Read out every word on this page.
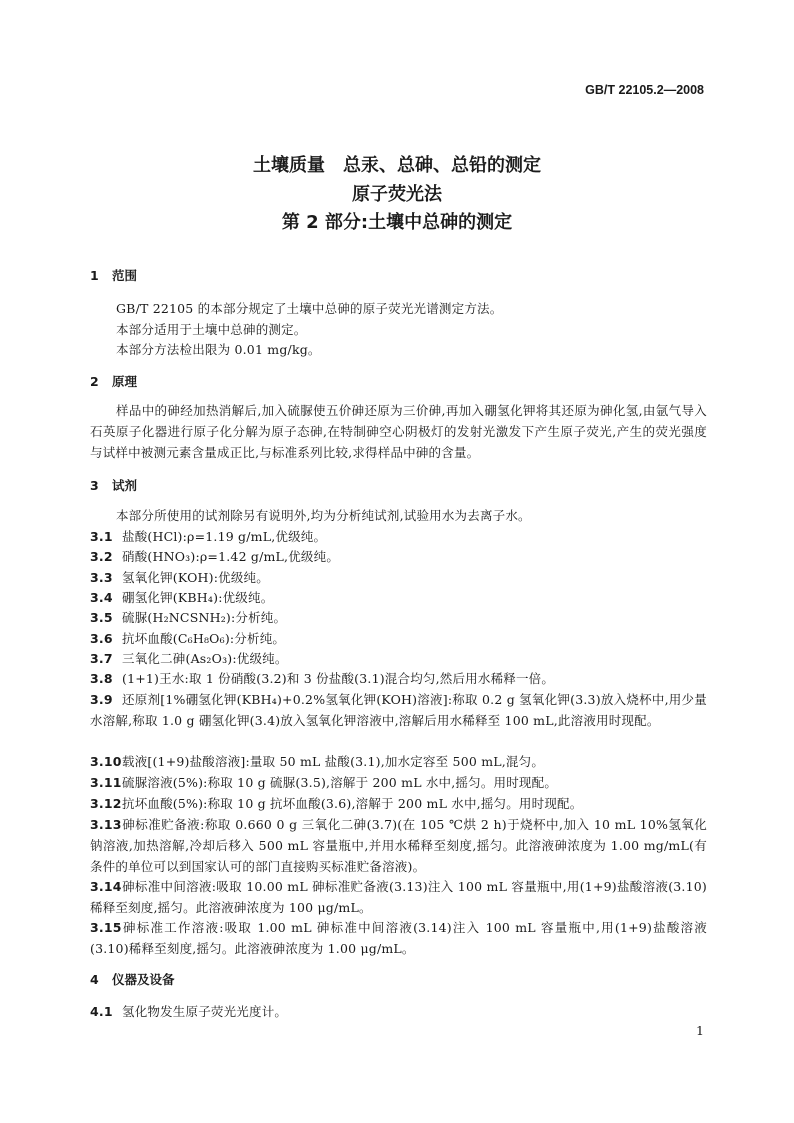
GB/T 22105.2—2008
土壤质量　总汞、总砷、总铅的测定
原子荧光法
第 2 部分:土壤中总砷的测定
1 范围
GB/T 22105 的本部分规定了土壤中总砷的原子荧光光谱测定方法。
本部分适用于土壤中总砷的测定。
本部分方法检出限为 0.01 mg/kg。
2 原理
样品中的砷经加热消解后,加入硫脲使五价砷还原为三价砷,再加入硼氢化钾将其还原为砷化氢,由氩气导入石英原子化器进行原子化分解为原子态砷,在特制砷空心阴极灯的发射光激发下产生原子荧光,产生的荧光强度与试样中被测元素含量成正比,与标准系列比较,求得样品中砷的含量。
3 试剂
本部分所使用的试剂除另有说明外,均为分析纯试剂,试验用水为去离子水。
3.1 盐酸(HCl):ρ=1.19 g/mL,优级纯。
3.2 硝酸(HNO₃):ρ=1.42 g/mL,优级纯。
3.3 氢氧化钾(KOH):优级纯。
3.4 硼氢化钾(KBH₄):优级纯。
3.5 硫脲(H₂NCSNH₂):分析纯。
3.6 抗坏血酸(C₆H₈O₆):分析纯。
3.7 三氧化二砷(As₂O₃):优级纯。
3.8 (1+1)王水:取 1 份硝酸(3.2)和 3 份盐酸(3.1)混合均匀,然后用水稀释一倍。
3.9 还原剂[1%硼氢化钾(KBH₄)+0.2%氢氧化钾(KOH)溶液]:称取 0.2 g 氢氧化钾(3.3)放入烧杯中,用少量水溶解,称取 1.0 g 硼氢化钾(3.4)放入氢氧化钾溶液中,溶解后用水稀释至 100 mL,此溶液用时现配。
3.10载液[(1+9)盐酸溶液]:量取 50 mL 盐酸(3.1),加水定容至 500 mL,混匀。
3.11硫脲溶液(5%):称取 10 g 硫脲(3.5),溶解于 200 mL 水中,摇匀。用时现配。
3.12抗坏血酸(5%):称取 10 g 抗坏血酸(3.6),溶解于 200 mL 水中,摇匀。用时现配。
3.13砷标准贮备液:称取 0.660 0 g 三氧化二砷(3.7)(在 105 ℃烘 2 h)于烧杯中,加入 10 mL 10%氢氧化钠溶液,加热溶解,冷却后移入 500 mL 容量瓶中,并用水稀释至刻度,摇匀。此溶液砷浓度为 1.00 mg/mL(有条件的单位可以到国家认可的部门直接购买标准贮备溶液)。
3.14砷标准中间溶液:吸取 10.00 mL 砷标准贮备液(3.13)注入 100 mL 容量瓶中,用(1+9)盐酸溶液(3.10)稀释至刻度,摇匀。此溶液砷浓度为 100 μg/mL。
3.15砷标准工作溶液:吸取 1.00 mL 砷标准中间溶液(3.14)注入 100 mL 容量瓶中,用(1+9)盐酸溶液(3.10)稀释至刻度,摇匀。此溶液砷浓度为 1.00 μg/mL。
4 仪器及设备
4.1 氢化物发生原子荧光光度计。
1
